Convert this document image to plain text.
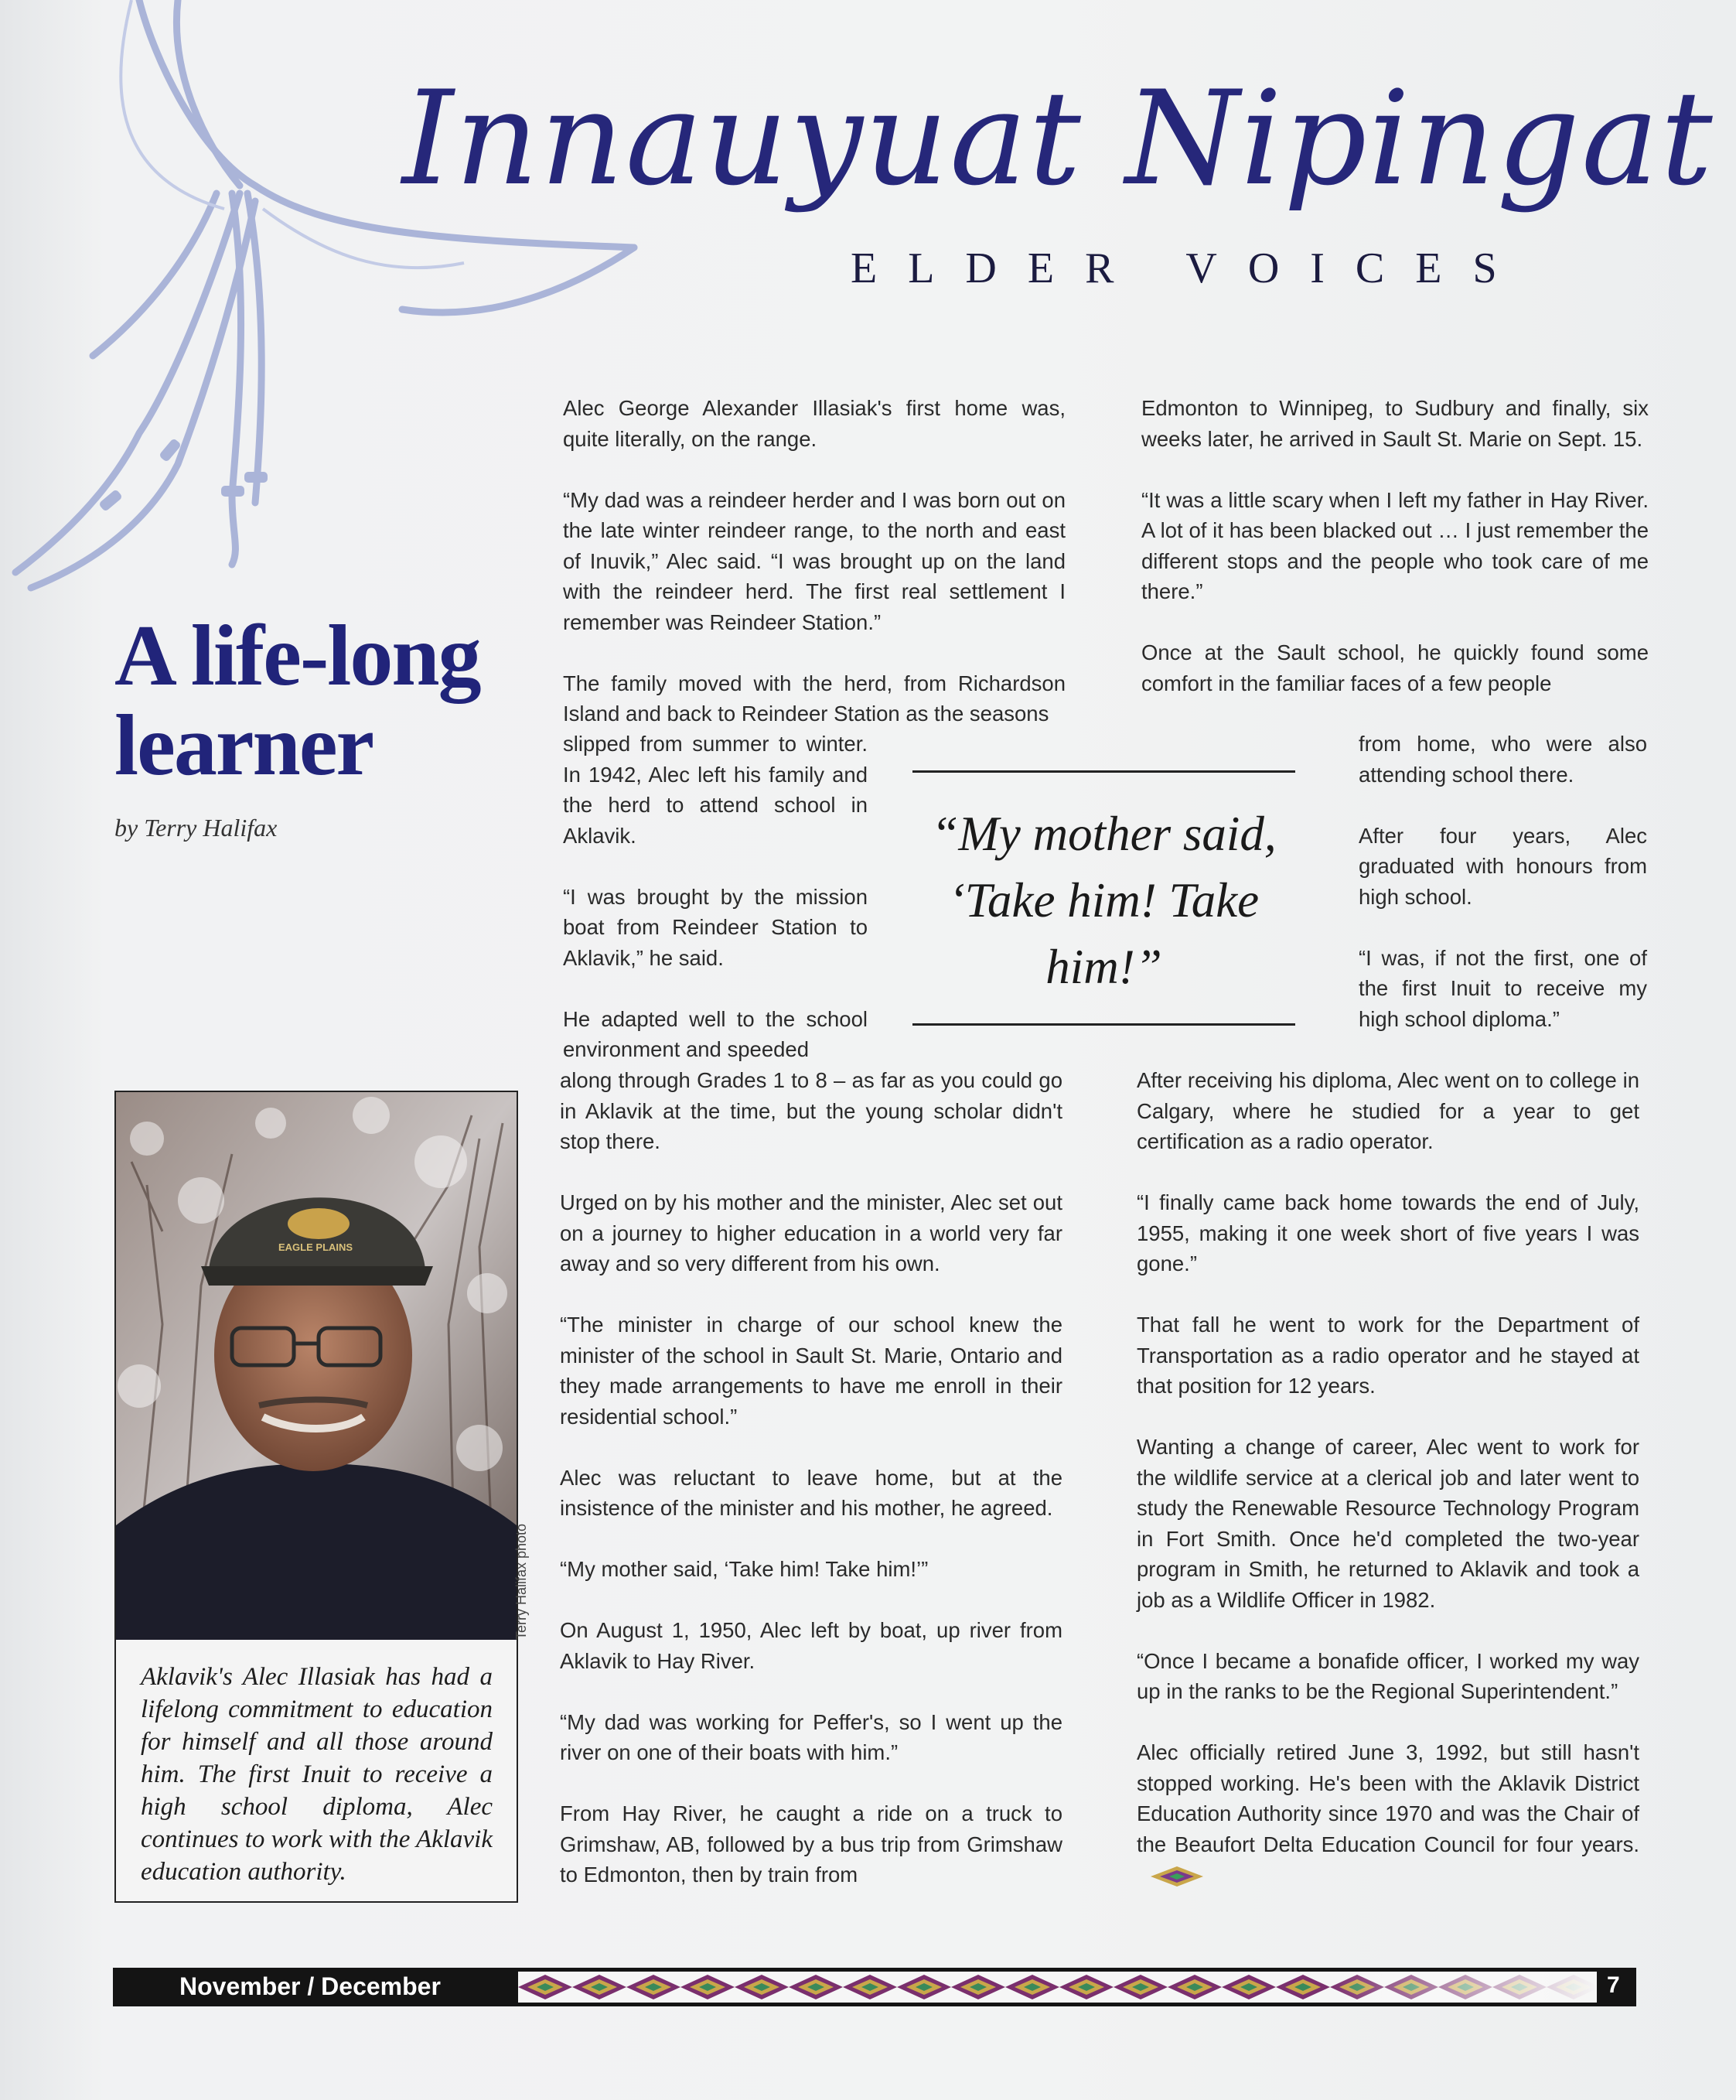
Innauyuat Nipingat
ELDER VOICES
A life-long learner
by Terry Halifax

Alec George Alexander Illasiak's first home was, quite literally, on the range.

“My dad was a reindeer herder and I was born out on the late winter reindeer range, to the north and east of Inuvik,” Alec said. “I was brought up on the land with the reindeer herd. The first real settlement I remember was Reindeer Station.”

The family moved with the herd, from Richardson Island and back to Reindeer Station as the seasons

slipped from summer to winter. In 1942, Alec left his family and the herd to attend school in Aklavik.

“I was brought by the mission boat from Reindeer Station to Aklavik,” he said.

He adapted well to the school environment and speeded

along through Grades 1 to 8 – as far as you could go in Aklavik at the time, but the young scholar didn't stop there.

Urged on by his mother and the minister, Alec set out on a journey to higher education in a world very far away and so very different from his own.

“The minister in charge of our school knew the minister of the school in Sault St. Marie, Ontario and they made arrangements to have me enroll in their residential school.”

Alec was reluctant to leave home, but at the insistence of the minister and his mother, he agreed.

“My mother said, ‘Take him! Take him!’”

On August 1, 1950, Alec left by boat, up river from Aklavik to Hay River.

“My dad was working for Peffer's, so I went up the river on one of their boats with him.”

From Hay River, he caught a ride on a truck to Grimshaw, AB, followed by a bus trip from Grimshaw to Edmonton, then by train from

Edmonton to Winnipeg, to Sudbury and finally, six weeks later, he arrived in Sault St. Marie on Sept. 15.

“It was a little scary when I left my father in Hay River. A lot of it has been blacked out … I just remember the different stops and the people who took care of me there.”

Once at the Sault school, he quickly found some comfort in the familiar faces of a few people

from home, who were also attending school there.

After four years, Alec graduated with honours from high school.

“I was, if not the first, one of the first Inuit to receive my high school diploma.”

After receiving his diploma, Alec went on to college in Calgary, where he studied for a year to get certification as a radio operator.

“I finally came back home towards the end of July, 1955, making it one week short of five years I was gone.”

That fall he went to work for the Department of Transportation as a radio operator and he stayed at that position for 12 years.

Wanting a change of career, Alec went to work for the wildlife service at a clerical job and later went to study the Renewable Resource Technology Program in Fort Smith. Once he'd completed the two-year program in Smith, he returned to Aklavik and took a job as a Wildlife Officer in 1982.

“Once I became a bonafide officer, I worked my way up in the ranks to be the Regional Superintendent.”

Alec officially retired June 3, 1992, but still hasn't stopped working. He's been with the Aklavik District Education Authority since 1970 and was the Chair of the Beaufort Delta Education Council for four years.

“My mother said, ‘Take him! Take him!”
EAGLE PLAINS
Aklavik's Alec Illasiak has had a lifelong commitment to education for himself and all those around him. The first Inuit to receive a high school diploma, Alec continues to work with the Aklavik education authority.
Terry Halifax photo
November / December	7
